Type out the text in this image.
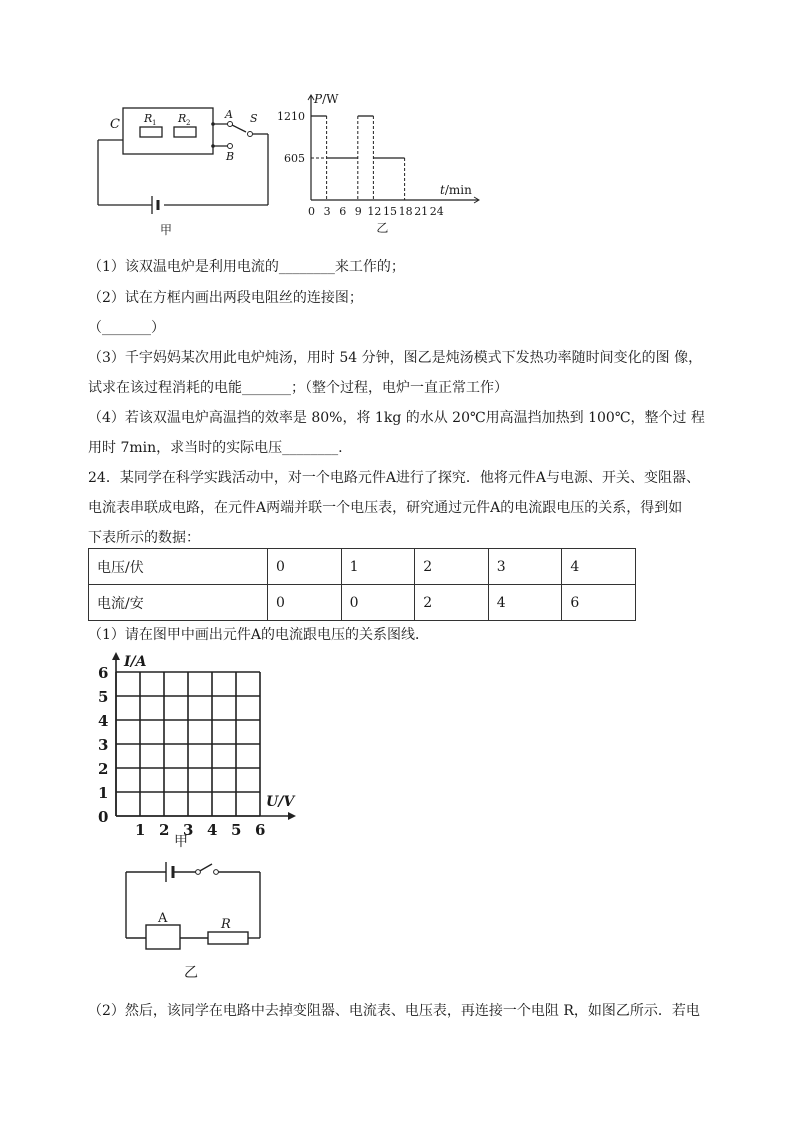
C R 1 R 2
A S
B
甲
P/W
t/min
0 3 6 9 12 15 18 21 24
605
1210
乙
（1）该双温电炉是利用电流的________来工作的；
（2）试在方框内画出两段电阻丝的连接图；
（_______）
（3）千宇妈妈某次用此电炉炖汤，用时 54 分钟，图乙是炖汤模式下发热功率随时间变化的图 像，
试求在该过程消耗的电能_______；（整个过程，电炉一直正常工作）
（4）若该双温电炉高温挡的效率是 80%，将 1kg 的水从 20℃用高温挡加热到 100℃，整个过 程
用时 7min，求当时的实际电压________.
24．某同学在科学实践活动中，对一个电路元件A进行了探究．他将元件A与电源、开关、变阻器、
电流表串联成电路，在元件A两端并联一个电压表，研究通过元件A的电流跟电压的关系，得到如
下表所示的数据：
电压/伏	0	1	2	3	4
电流/安	0	0	2	4	6
（1）请在图甲中画出元件A的电流跟电压的关系图线．
I/A
U/V
0
1 2 3 4 5 6
1
2
3
4
5
6
甲
A	R
乙
（2）然后，该同学在电路中去掉变阻器、电流表、电压表，再连接一个电阻 R，如图乙所示．若电
